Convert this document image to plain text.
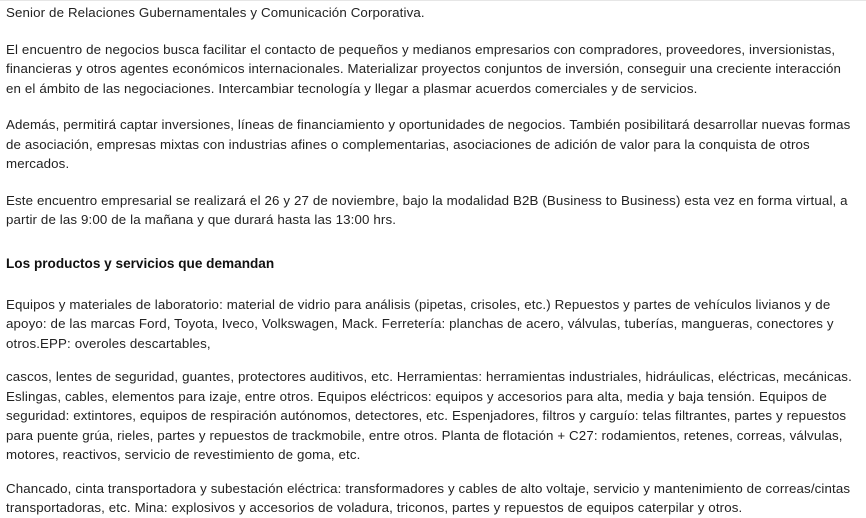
Senior de Relaciones Gubernamentales y Comunicación Corporativa.

El encuentro de negocios busca facilitar el contacto de pequeños y medianos empresarios con compradores, proveedores, inversionistas, financieras y otros agentes económicos internacionales. Materializar proyectos conjuntos de inversión, conseguir una creciente interacción en el ámbito de las negociaciones. Intercambiar tecnología y llegar a plasmar acuerdos comerciales y de servicios.

Además, permitirá captar inversiones, líneas de financiamiento y oportunidades de negocios. También posibilitará desarrollar nuevas formas de asociación, empresas mixtas con industrias afines o complementarias, asociaciones de adición de valor para la conquista de otros mercados.

Este encuentro empresarial se realizará el 26 y 27 de noviembre, bajo la modalidad B2B (Business to Business) esta vez en forma virtual, a partir de las 9:00 de la mañana y que durará hasta las 13:00 hrs.

Los productos y servicios que demandan

Equipos y materiales de laboratorio: material de vidrio para análisis (pipetas, crisoles, etc.) Repuestos y partes de vehículos livianos y de apoyo: de las marcas Ford, Toyota, Iveco, Volkswagen, Mack. Ferretería: planchas de acero, válvulas, tuberías, mangueras, conectores y otros.EPP: overoles descartables,

cascos, lentes de seguridad, guantes, protectores auditivos, etc. Herramientas: herramientas industriales, hidráulicas, eléctricas, mecánicas. Eslingas, cables, elementos para izaje, entre otros. Equipos eléctricos: equipos y accesorios para alta, media y baja tensión. Equipos de seguridad: extintores, equipos de respiración autónomos, detectores, etc. Espenjadores, filtros y carguío: telas filtrantes, partes y repuestos para puente grúa, rieles, partes y repuestos de trackmobile, entre otros. Planta de flotación + C27: rodamientos, retenes, correas, válvulas, motores, reactivos, servicio de revestimiento de goma, etc.

Chancado, cinta transportadora y subestación eléctrica: transformadores y cables de alto voltaje, servicio y mantenimiento de correas/cintas transportadoras, etc. Mina: explosivos y accesorios de voladura, triconos, partes y repuestos de equipos caterpilar y otros.
